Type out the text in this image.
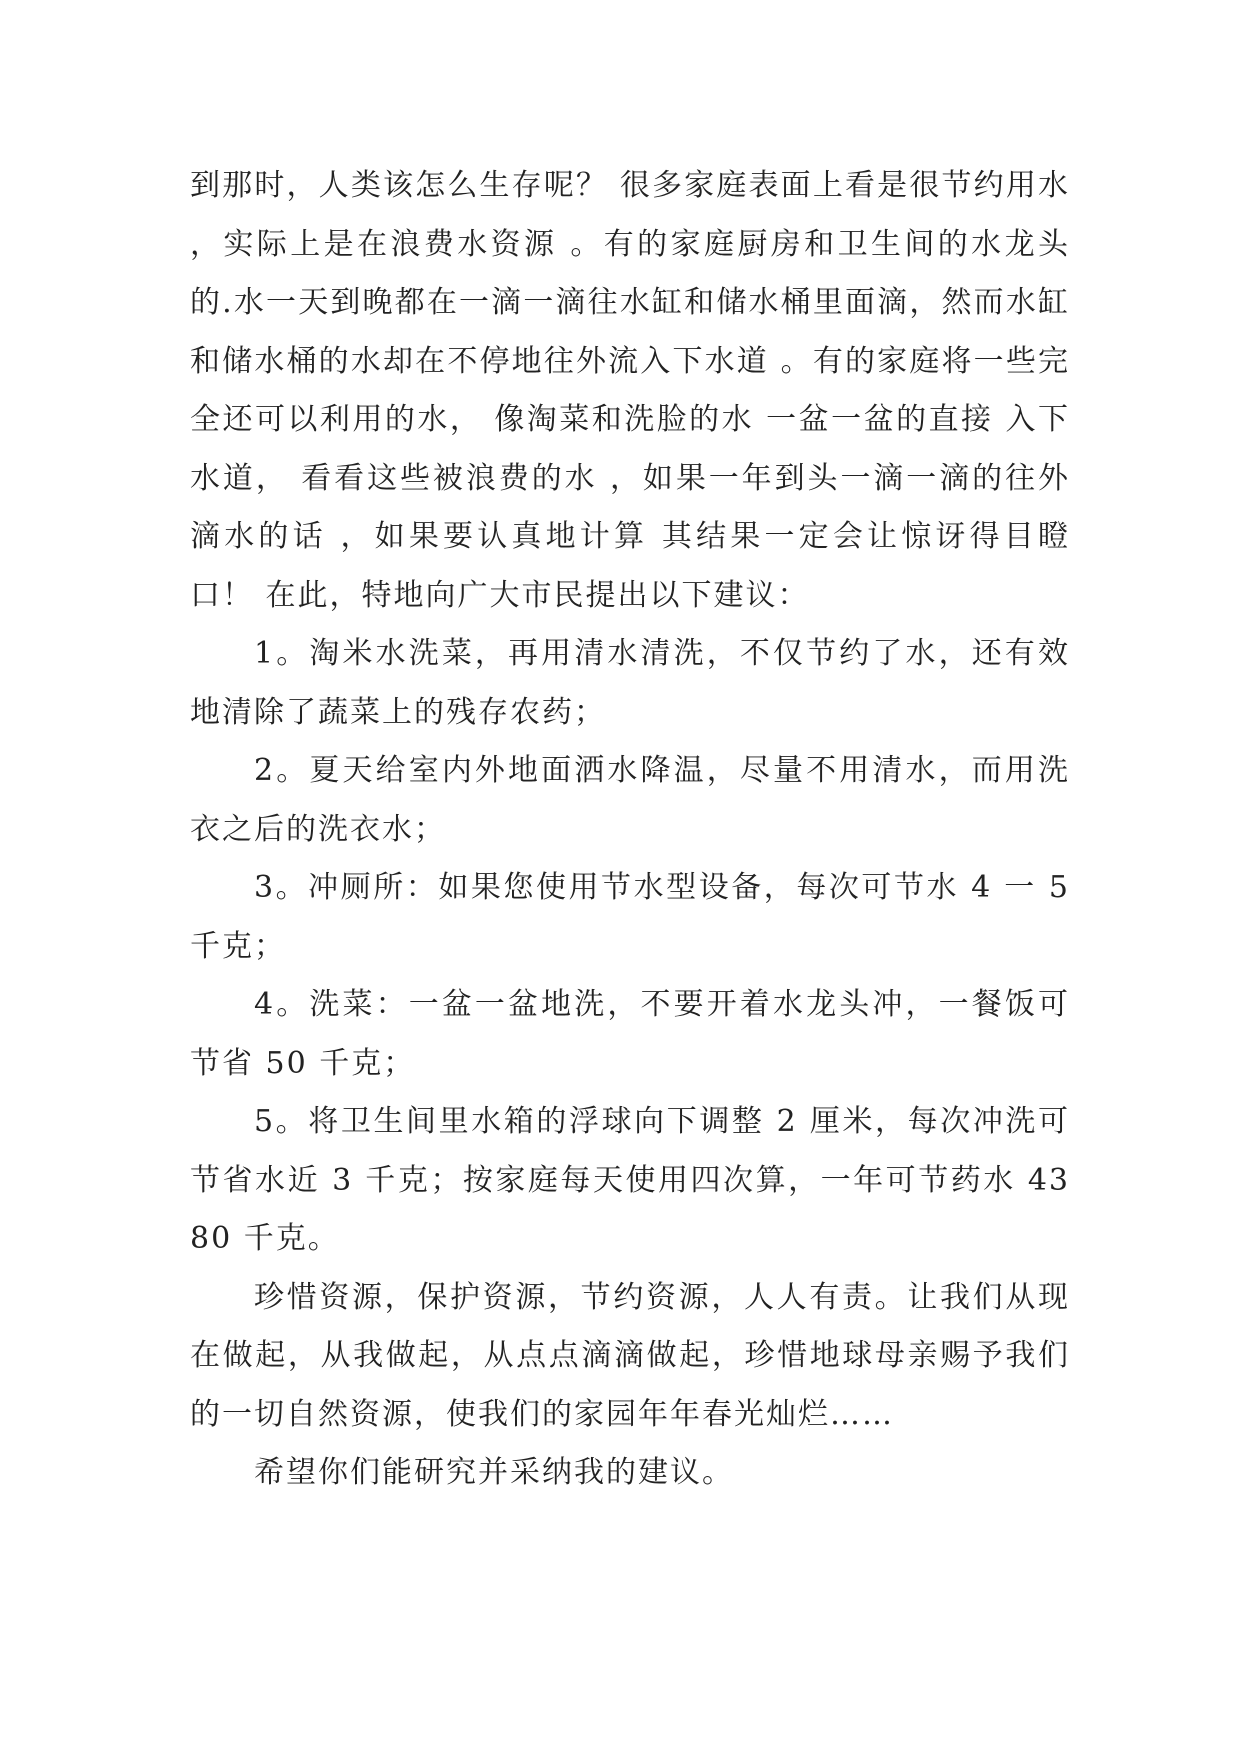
到那时，人类该怎么生存呢？ 很多家庭表面上看是很节约用水 ，实际上是在浪费水资源 。有的家庭厨房和卫生间的水龙头的.水一天到晚都在一滴一滴往水缸和储水桶里面滴，然而水缸和储水桶的水却在不停地往外流入下水道 。有的家庭将一些完全还可以利用的水， 像淘菜和洗脸的水 一盆一盆的直接 入下水道， 看看这些被浪费的水 ，如果一年到头一滴一滴的往外滴水的话 ，如果要认真地计算 其结果一定会让惊讶得目瞪口！ 在此，特地向广大市民提出以下建议：

1。淘米水洗菜，再用清水清洗，不仅节约了水，还有效地清除了蔬菜上的残存农药；

2。夏天给室内外地面洒水降温，尽量不用清水，而用洗衣之后的洗衣水；

3。冲厕所：如果您使用节水型设备，每次可节水 4 一 5 千克；

4。洗菜：一盆一盆地洗，不要开着水龙头冲，一餐饭可节省 50 千克；

5。将卫生间里水箱的浮球向下调整 2 厘米，每次冲洗可节省水近 3 千克；按家庭每天使用四次算，一年可节药水 4380 千克。

珍惜资源，保护资源，节约资源，人人有责。让我们从现在做起，从我做起，从点点滴滴做起，珍惜地球母亲赐予我们的一切自然资源，使我们的家园年年春光灿烂……

希望你们能研究并采纳我的建议。
